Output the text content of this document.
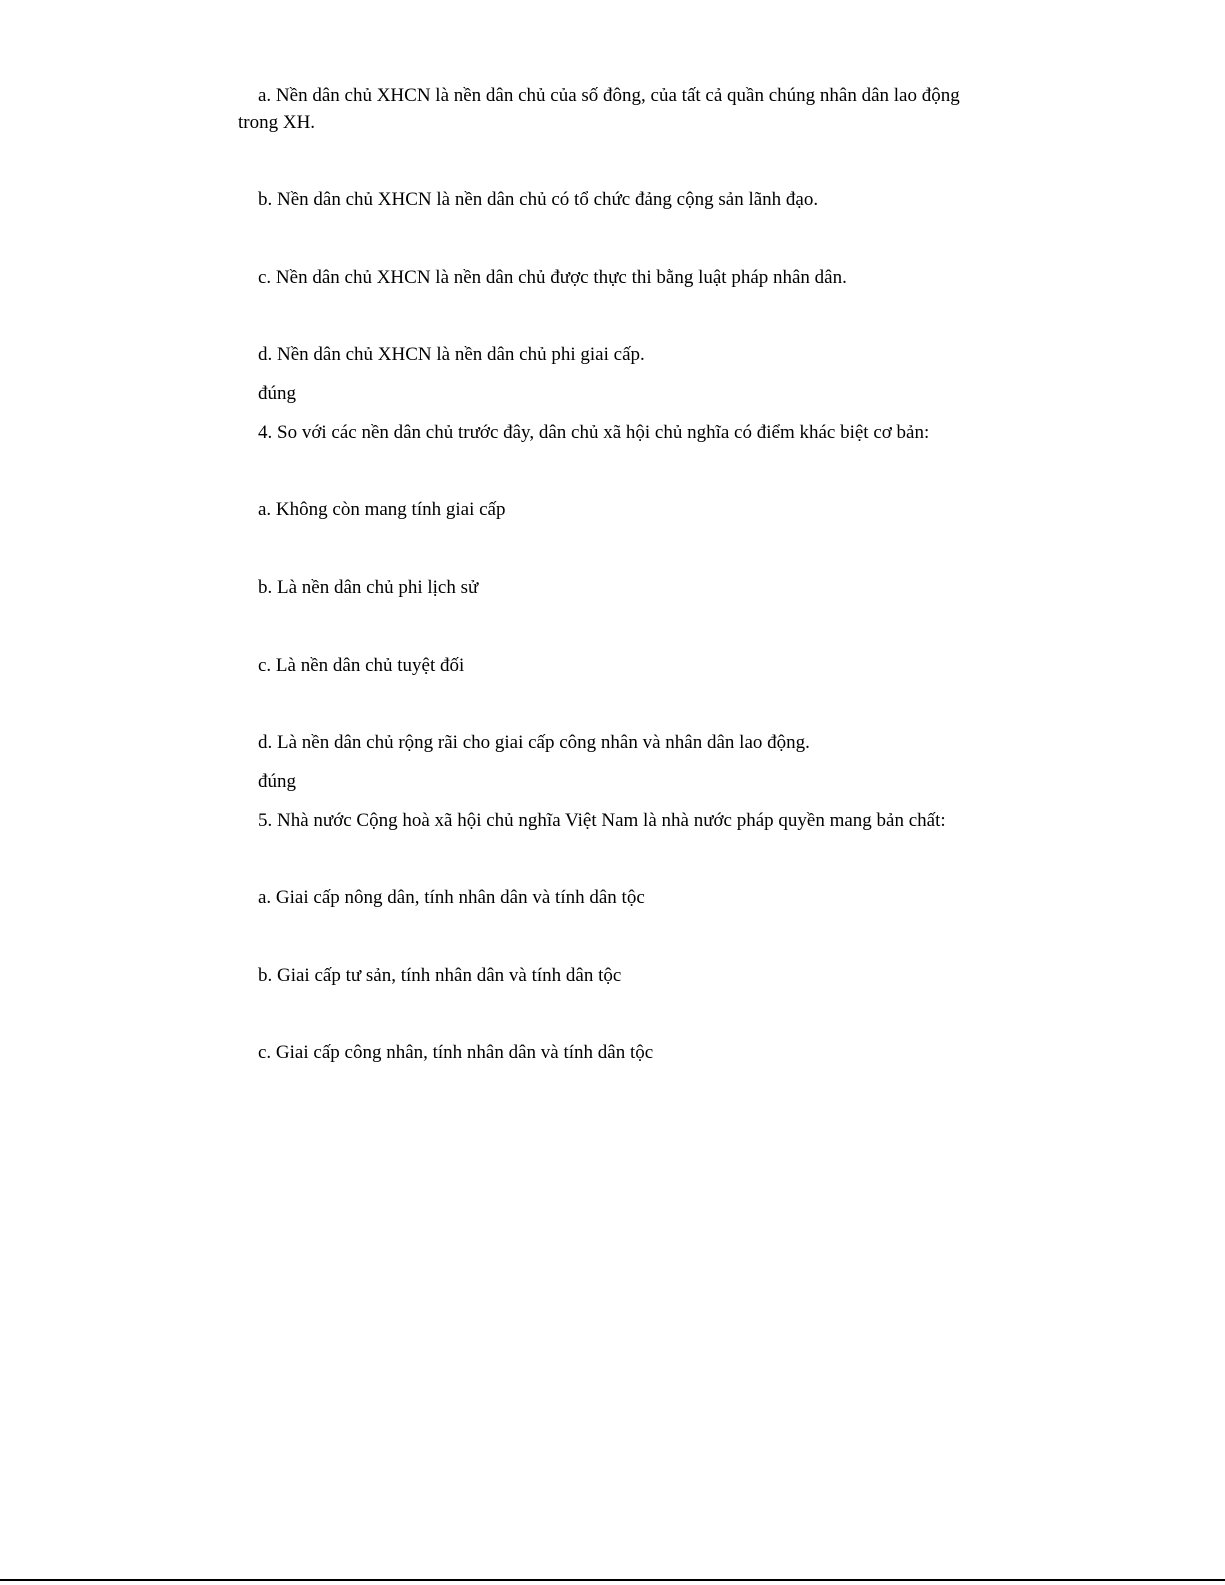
a. Nền dân chủ XHCN là nền dân chủ của số đông, của tất cả quần chúng nhân dân lao động
trong XH.
b. Nền dân chủ XHCN là nền dân chủ có tổ chức đảng cộng sản lãnh đạo.
c. Nền dân chủ XHCN là nền dân chủ được thực thi bằng luật pháp nhân dân.
d. Nền dân chủ XHCN là nền dân chủ phi giai cấp.
đúng
4. So với các nền dân chủ trước đây, dân chủ xã hội chủ nghĩa có điểm khác biệt cơ bản:
a. Không còn mang tính giai cấp
b. Là nền dân chủ phi lịch sử
c. Là nền dân chủ tuyệt đối
d. Là nền dân chủ rộng rãi cho giai cấp công nhân và nhân dân lao động.
đúng
5. Nhà nước Cộng hoà xã hội chủ nghĩa Việt Nam là nhà nước pháp quyền mang bản chất:
a. Giai cấp nông dân, tính nhân dân và tính dân tộc
b. Giai cấp tư sản, tính nhân dân và tính dân tộc
c. Giai cấp công nhân, tính nhân dân và tính dân tộc
